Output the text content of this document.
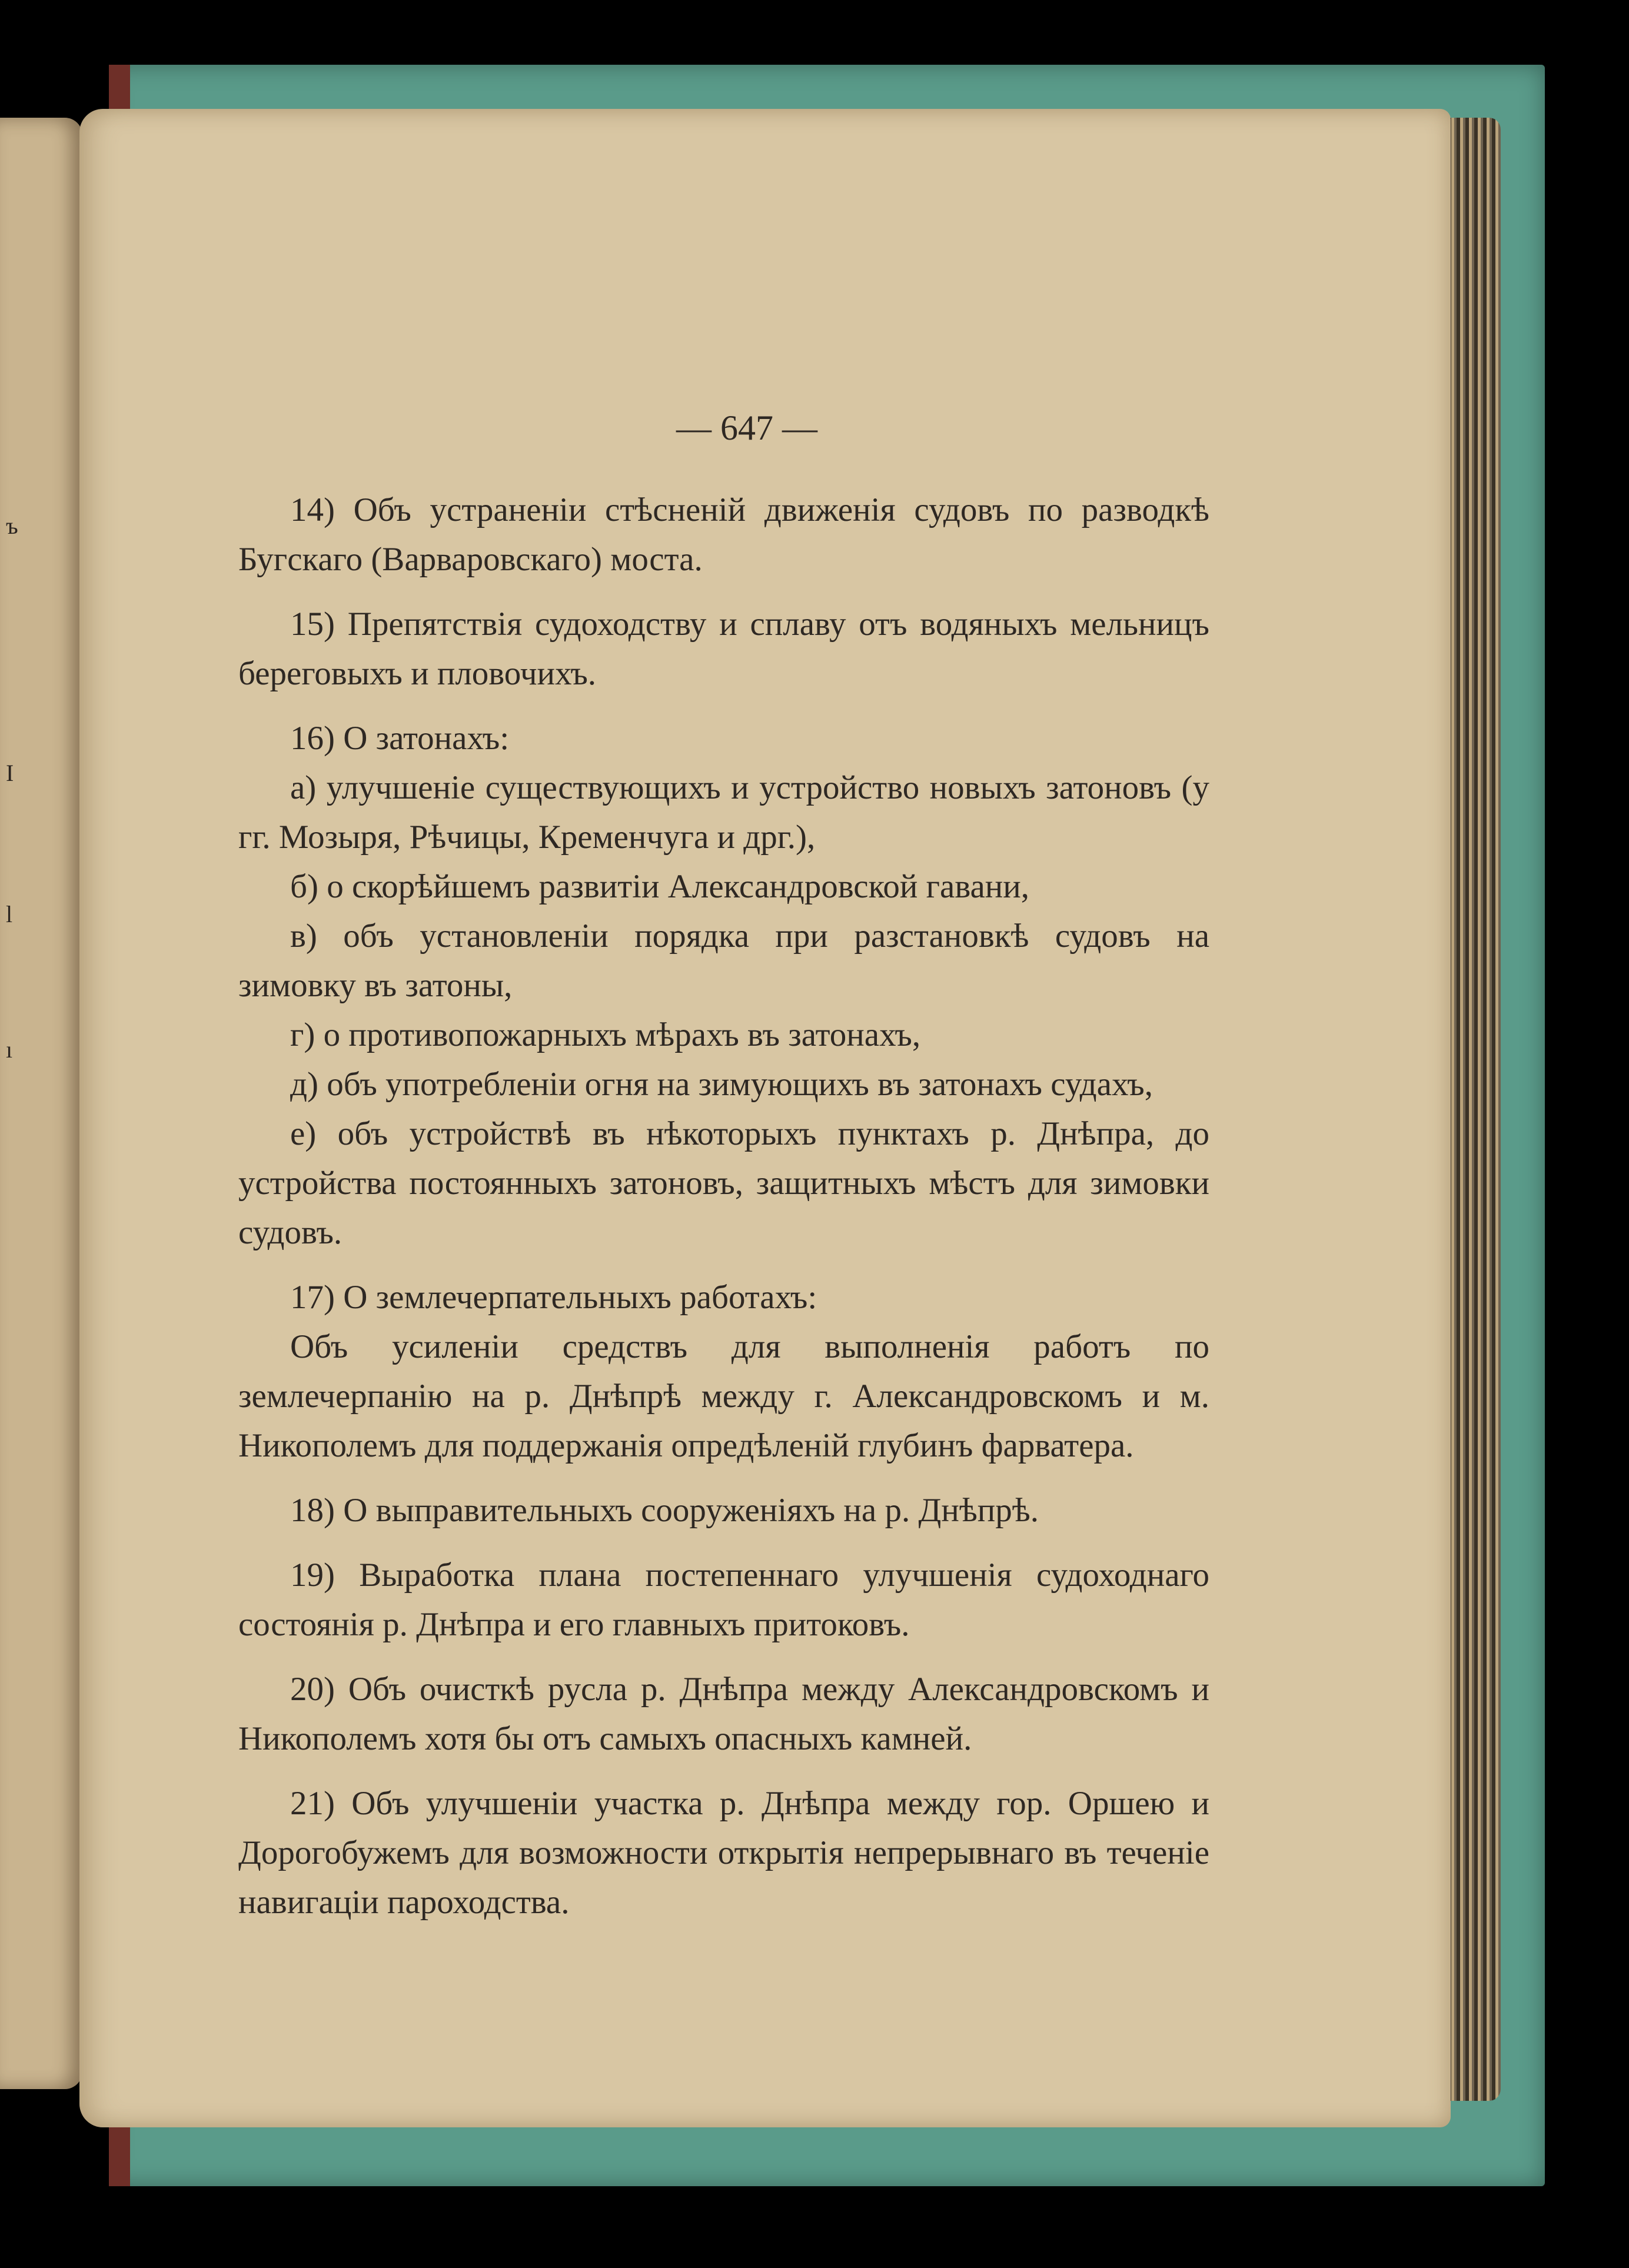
ъ
I
l
ı
— 647 —

14) Объ устраненіи стѣсненій движенія судовъ по разводкѣ Бугскаго (Варваровскаго) моста.

15) Препятствія судоходству и сплаву отъ водяныхъ мельницъ береговыхъ и пловочихъ.

16) О затонахъ:

а) улучшеніе существующихъ и устройство новыхъ затоновъ (у гг. Мозыря, Рѣчицы, Кременчуга и дрг.),

б) о скорѣйшемъ развитіи Александровской гавани,

в) объ установленіи порядка при разстановкѣ судовъ на зимовку въ затоны,

г) о противопожарныхъ мѣрахъ въ затонахъ,

д) объ употребленіи огня на зимующихъ въ затонахъ судахъ,

е) объ устройствѣ въ нѣкоторыхъ пунктахъ р. Днѣпра, до устройства постоянныхъ затоновъ, защитныхъ мѣстъ для зимовки судовъ.

17) О землечерпательныхъ работахъ:

Объ усиленіи средствъ для выполненія работъ по землечерпанію на р. Днѣпрѣ между г. Александровскомъ и м. Никополемъ для поддержанія опредѣленій глубинъ фарватера.

18) О выправительныхъ сооруженіяхъ на р. Днѣпрѣ.

19) Выработка плана постепеннаго улучшенія судоходнаго состоянія р. Днѣпра и его главныхъ притоковъ.

20) Объ очисткѣ русла р. Днѣпра между Александровскомъ и Никополемъ хотя бы отъ самыхъ опасныхъ камней.

21) Объ улучшеніи участка р. Днѣпра между гор. Оршею и Дорогобужемъ для возможности открытія непрерывнаго въ теченіе навигаціи пароходства.
